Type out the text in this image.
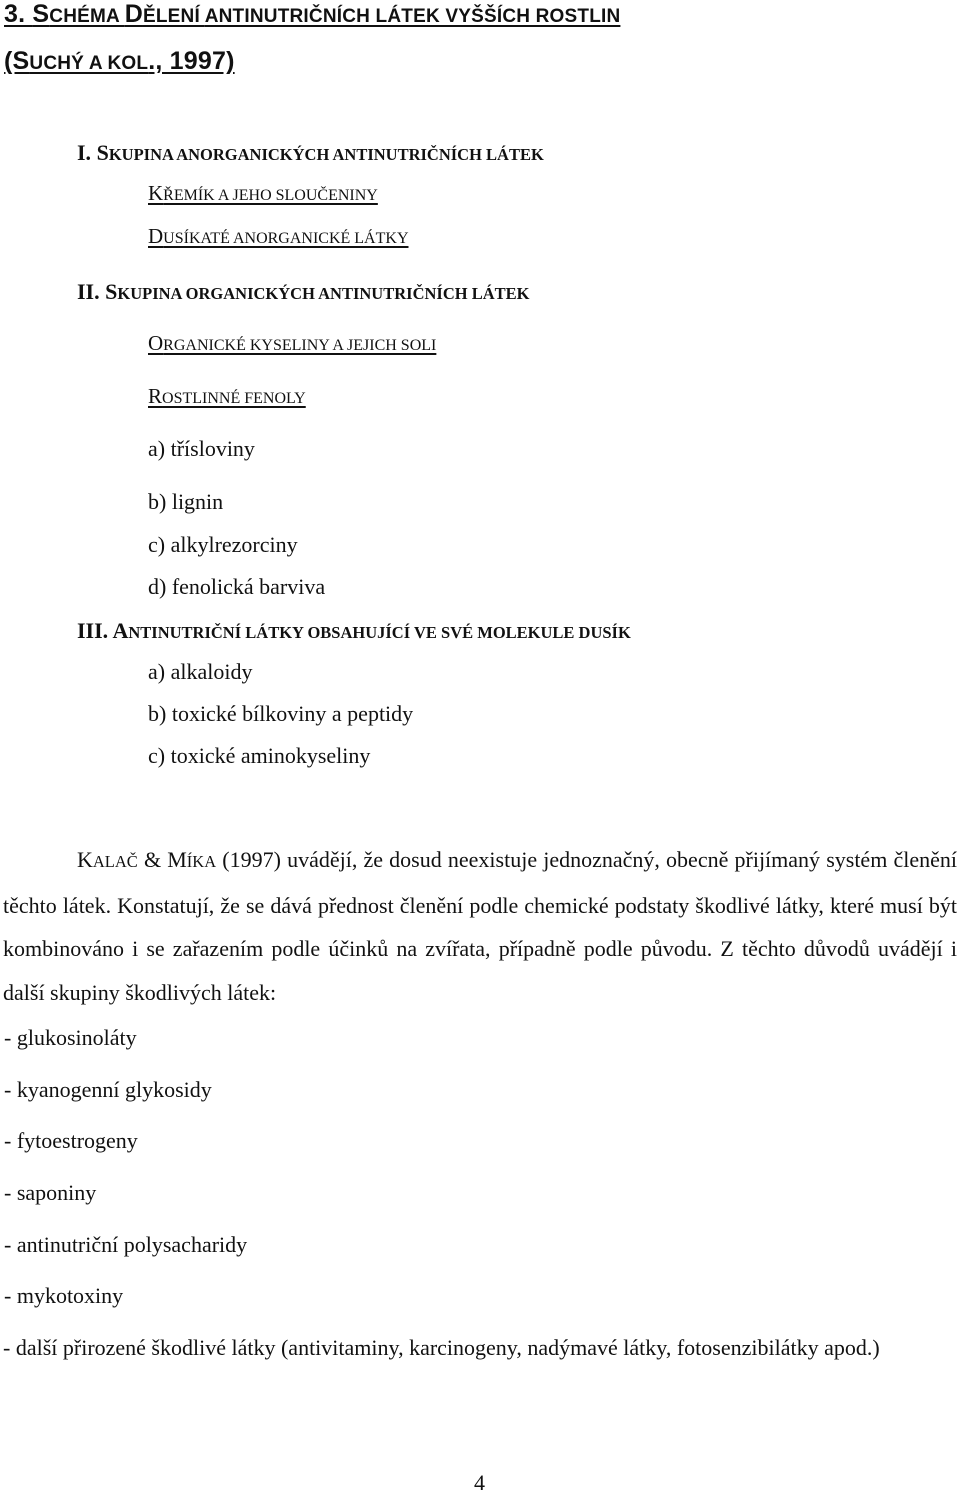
3. SCHÉMA DĚLENÍ ANTINUTRIČNÍCH LÁTEK VYŠŠÍCH ROSTLIN
(SUCHÝ A KOL., 1997)
I. SKUPINA ANORGANICKÝCH ANTINUTRIČNÍCH LÁTEK
KŘEMÍK A JEHO SLOUČENINY
DUSÍKATÉ ANORGANICKÉ LÁTKY
II. SKUPINA ORGANICKÝCH ANTINUTRIČNÍCH LÁTEK
ORGANICKÉ KYSELINY A JEJICH SOLI
ROSTLINNÉ FENOLY
a) třísloviny
b) lignin
c) alkylrezorciny
d) fenolická barviva
III. ANTINUTRIČNÍ LÁTKY OBSAHUJÍCÍ VE SVÉ MOLEKULE DUSÍK
a) alkaloidy
b) toxické bílkoviny a peptidy
c) toxické aminokyseliny
KALAČ & MÍKA (1997) uvádějí, že dosud neexistuje jednoznačný, obecně přijímaný systém členění těchto látek. Konstatují, že se dává přednost členění podle chemické podstaty škodlivé látky, které musí být kombinováno i se zařazením podle účinků na zvířata, případně podle původu. Z těchto důvodů uvádějí i další skupiny škodlivých látek:
- glukosinoláty
- kyanogenní glykosidy
- fytoestrogeny
- saponiny
- antinutriční polysacharidy
- mykotoxiny
- další přirozené škodlivé látky (antivitaminy, karcinogeny, nadýmavé látky, fotosenzibilátky apod.)
4
